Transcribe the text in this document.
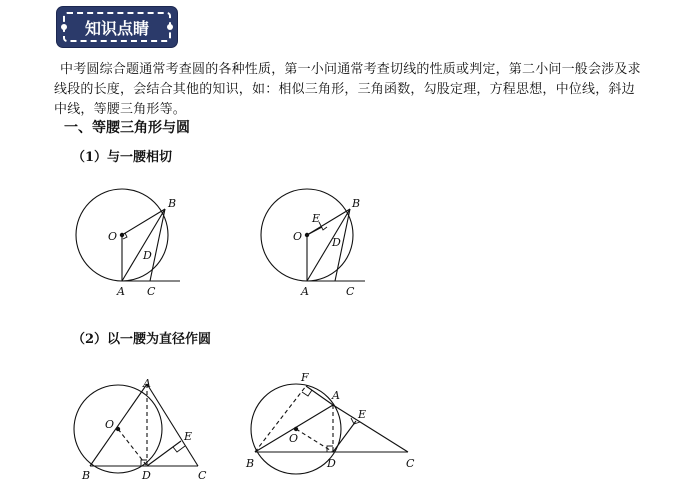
知识点睛
中考圆综合题通常考查圆的各种性质，第一小问通常考查切线的性质或判定，第二小问一般会涉及求
线段的长度，会结合其他的知识，如：相似三角形，三角函数，勾股定理，方程思想，中位线，斜边
中线，等腰三角形等。
一、等腰三角形与圆
（1）与一腰相切
（2）以一腰为直径作圆
O
B
D
A C
O
E
B
D
A	C
A
O
E
B	D	C
F
A
E
O
B	D	C
